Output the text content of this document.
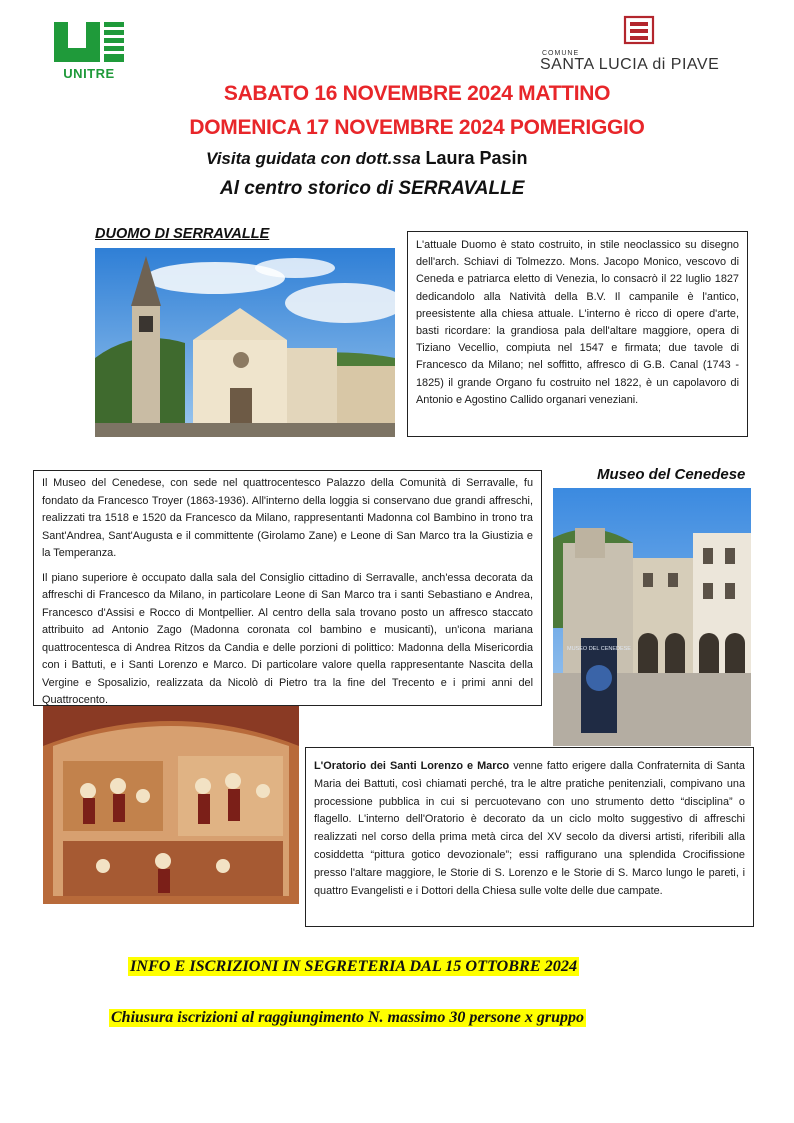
UNITRE
COMUNE
SANTA LUCIA di PIAVE
SABATO 16 NOVEMBRE 2024 MATTINO
DOMENICA 17 NOVEMBRE 2024 POMERIGGIO
Visita guidata con dott.ssa Laura Pasin
Al centro storico di SERRAVALLE
DUOMO DI SERRAVALLE

L'attuale Duomo è stato costruito, in stile neoclassico su disegno dell'arch. Schiavi di Tolmezzo. Mons. Jacopo Monico, vescovo di Ceneda e patriarca eletto di Venezia, lo consacrò il 22 luglio 1827 dedicandolo alla Natività della B.V. Il campanile è l'antico, preesistente alla chiesa attuale. L'interno è ricco di opere d'arte, basti ricordare: la grandiosa pala dell'altare maggiore, opera di Tiziano Vecellio, compiuta nel 1547 e firmata; due tavole di Francesco da Milano; nel soffitto, affresco di G.B. Canal (1743 - 1825) il grande Organo fu costruito nel 1822, è un capolavoro di Antonio e Agostino Callido organari veneziani.

Museo del Cenedese

Il Museo del Cenedese, con sede nel quattrocentesco Palazzo della Comunità di Serravalle, fu fondato da Francesco Troyer (1863-1936). All'interno della loggia si conservano due grandi affreschi, realizzati tra 1518 e 1520 da Francesco da Milano, rappresentanti Madonna col Bambino in trono tra Sant'Andrea, Sant'Augusta e il committente (Girolamo Zane) e Leone di San Marco tra la Giustizia e la Temperanza.

Il piano superiore è occupato dalla sala del Consiglio cittadino di Serravalle, anch'essa decorata da affreschi di Francesco da Milano, in particolare Leone di San Marco tra i santi Sebastiano e Andrea, Francesco d'Assisi e Rocco di Montpellier. Al centro della sala trovano posto un affresco staccato attribuito ad Antonio Zago (Madonna coronata col bambino e musicanti), un'icona mariana quattrocentesca di Andrea Ritzos da Candia e delle porzioni di polittico: Madonna della Misericordia con i Battuti, e i Santi Lorenzo e Marco. Di particolare valore quella rappresentante Nascita della Vergine e Sposalizio, realizzata da Nicolò di Pietro tra la fine del Trecento e i primi anni del Quattrocento.

MUSEO DEL CENEDESE

L'Oratorio dei Santi Lorenzo e Marco venne fatto erigere dalla Confraternita di Santa Maria dei Battuti, così chiamati perché, tra le altre pratiche penitenziali, compivano una processione pubblica in cui si percuotevano con uno strumento detto “disciplina” o flagello. L'interno dell'Oratorio è decorato da un ciclo molto suggestivo di affreschi realizzati nel corso della prima metà circa del XV secolo da diversi artisti, riferibili alla cosiddetta “pittura gotico devozionale”; essi raffigurano una splendida Crocifissione presso l'altare maggiore, le Storie di S. Lorenzo e le Storie di S. Marco lungo le pareti, i quattro Evangelisti e i Dottori della Chiesa sulle volte delle due campate.

INFO E ISCRIZIONI IN SEGRETERIA DAL 15 OTTOBRE 2024
Chiusura iscrizioni al raggiungimento N. massimo 30 persone x gruppo
